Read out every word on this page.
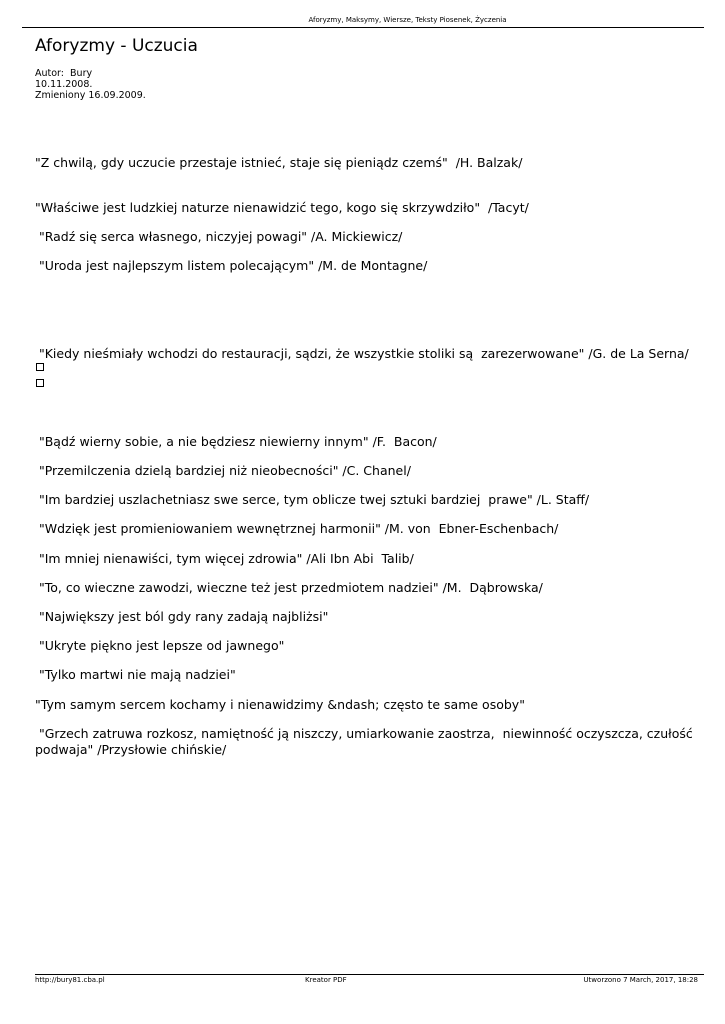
Aforyzmy, Maksymy, Wiersze, Teksty Piosenek, Życzenia
Aforyzmy - Uczucia
Autor:  Bury
10.11.2008.
Zmieniony 16.09.2009.
"Z chwilą, gdy uczucie przestaje istnieć, staje się pieniądz czemś"  /H. Balzak/
"Właściwe jest ludzkiej naturze nienawidzić tego, kogo się skrzywdziło"  /Tacyt/
"Radź się serca własnego, niczyjej powagi" /A. Mickiewicz/
"Uroda jest najlepszym listem polecającym" /M. de Montagne/
"Kiedy nieśmiały wchodzi do restauracji, sądzi, że wszystkie stoliki są  zarezerwowane" /G. de La Serna/
"Bądź wierny sobie, a nie będziesz niewierny innym" /F.  Bacon/
"Przemilczenia dzielą bardziej niż nieobecności" /C. Chanel/
"Im bardziej uszlachetniasz swe serce, tym oblicze twej sztuki bardziej  prawe" /L. Staff/
"Wdzięk jest promieniowaniem wewnętrznej harmonii" /M. von  Ebner-Eschenbach/
"Im mniej nienawiści, tym więcej zdrowia" /Ali Ibn Abi  Talib/
"To, co wieczne zawodzi, wieczne też jest przedmiotem nadziei" /M.  Dąbrowska/
"Największy jest ból gdy rany zadają najbliżsi"
"Ukryte piękno jest lepsze od jawnego"
"Tylko martwi nie mają nadziei"
"Tym samym sercem kochamy i nienawidzimy &ndash; często te same osoby"
"Grzech zatruwa rozkosz, namiętność ją niszczy, umiarkowanie zaostrza,  niewinność oczyszcza, czułość podwaja" /Przysłowie chińskie/
http://bury81.cba.pl	Kreator PDF	Utworzono 7 March, 2017, 18:28
